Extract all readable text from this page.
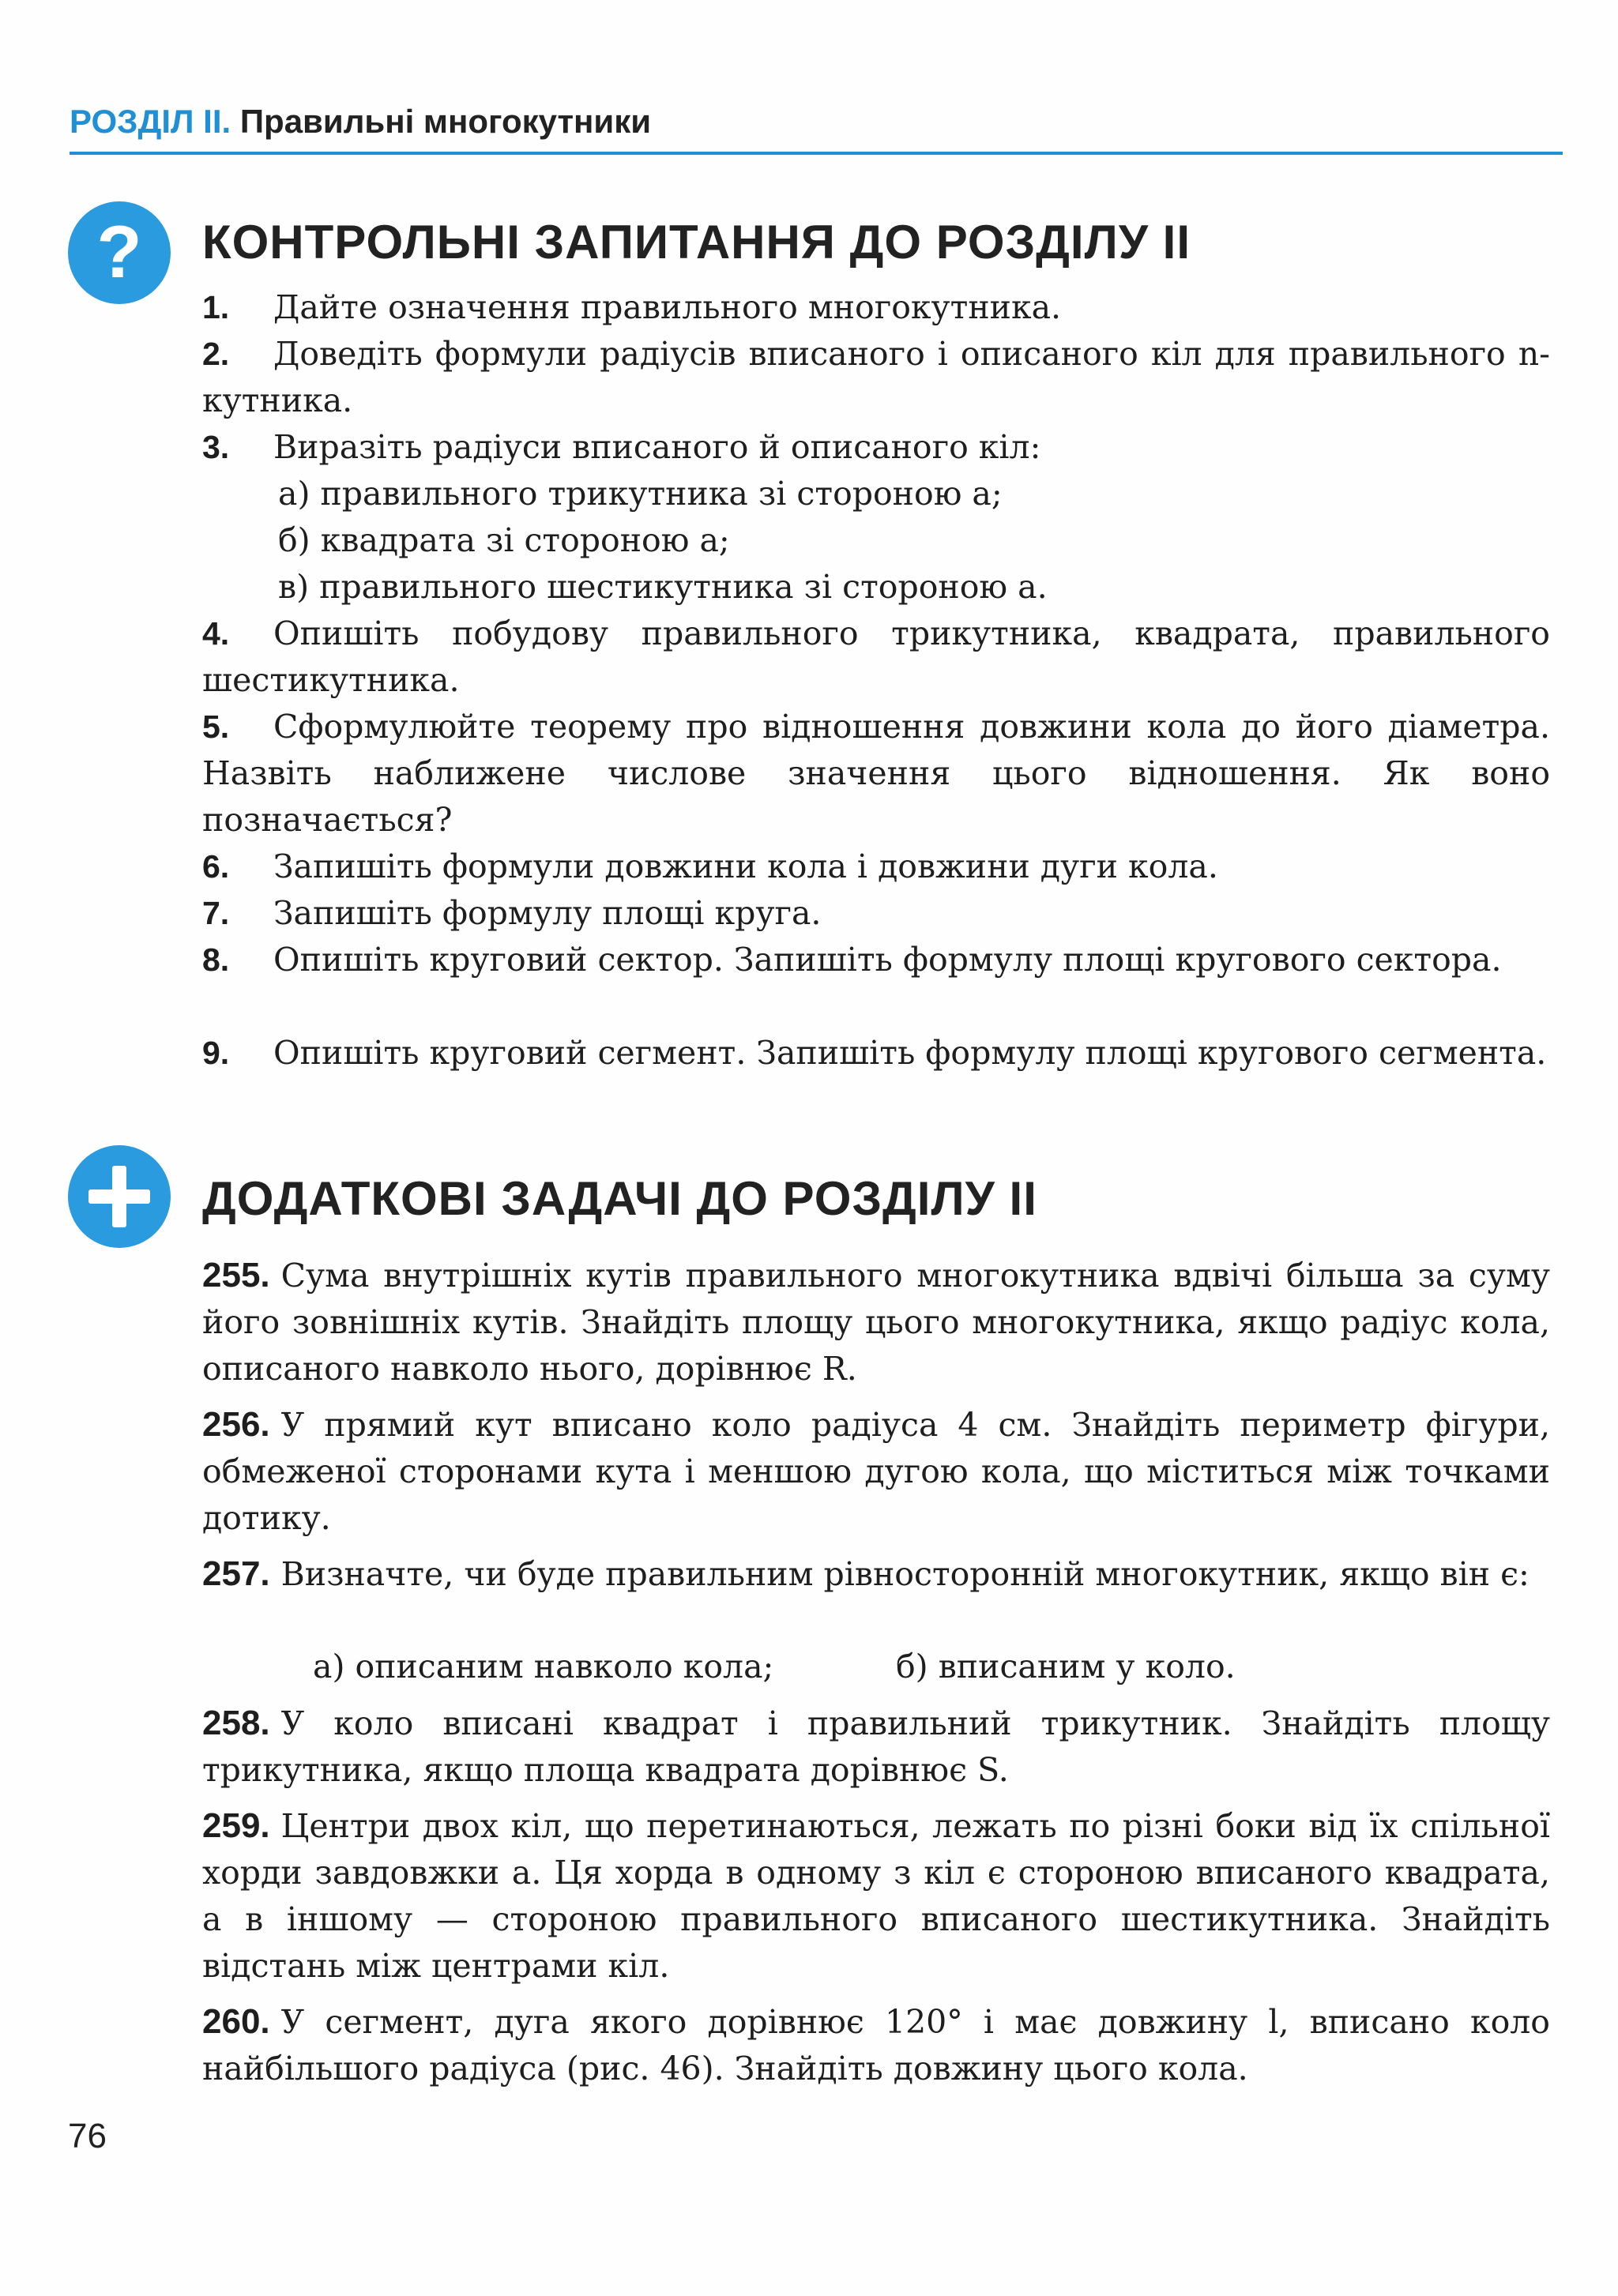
РОЗДІЛ II. Правильні многокутники
? КОНТРОЛЬНІ ЗАПИТАННЯ ДО РОЗДІЛУ II
1. Дайте означення правильного многокутника.
2. Доведіть формули радіусів вписаного і описаного кіл для правильного n-кутника.
3. Виразіть радіуси вписаного й описаного кіл:
а) правильного трикутника зі стороною a;
б) квадрата зі стороною a;
в) правильного шестикутника зі стороною a.
4. Опишіть побудову правильного трикутника, квадрата, правильного шестикутника.
5. Сформулюйте теорему про відношення довжини кола до його діаметра. Назвіть наближене числове значення цього відношення. Як воно позначається?
6. Запишіть формули довжини кола і довжини дуги кола.
7. Запишіть формулу площі круга.
8. Опишіть круговий сектор. Запишіть формулу площі кругового сектора.
9. Опишіть круговий сегмент. Запишіть формулу площі кругового сегмента.
ДОДАТКОВІ ЗАДАЧІ ДО РОЗДІЛУ II
255. Сума внутрішніх кутів правильного многокутника вдвічі більша за суму його зовнішніх кутів. Знайдіть площу цього многокутника, якщо радіус кола, описаного навколо нього, дорівнює R.
256. У прямий кут вписано коло радіуса 4 см. Знайдіть периметр фігури, обмеженої сторонами кута і меншою дугою кола, що міститься між точками дотику.
257. Визначте, чи буде правильним рівносторонній многокутник, якщо він є:
а) описаним навколо кола;	б) вписаним у коло.
258. У коло вписані квадрат і правильний трикутник. Знайдіть площу трикутника, якщо площа квадрата дорівнює S.
259. Центри двох кіл, що перетинаються, лежать по різні боки від їх спільної хорди завдовжки a. Ця хорда в одному з кіл є стороною вписаного квадрата, а в іншому — стороною правильного вписаного шестикутника. Знайдіть відстань між центрами кіл.
260. У сегмент, дуга якого дорівнює 120° і має довжину l, вписано коло найбільшого радіуса (рис. 46). Знайдіть довжину цього кола.
76
